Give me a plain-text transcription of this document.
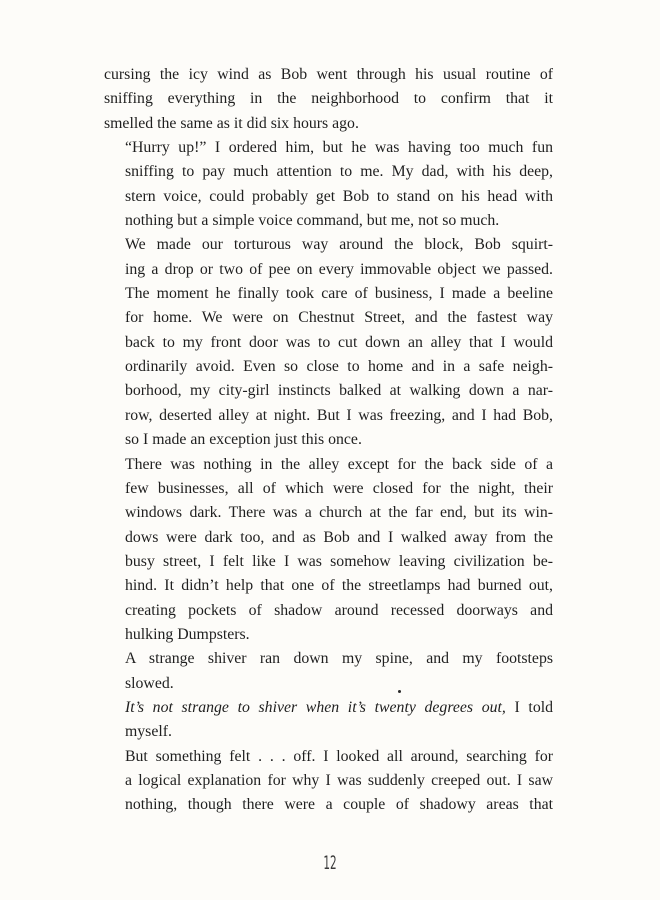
cursing the icy wind as Bob went through his usual routine of
sniffing everything in the neighborhood to confirm that it
smelled the same as it did six hours ago.

“Hurry up!” I ordered him, but he was having too much fun
sniffing to pay much attention to me. My dad, with his deep,
stern voice, could probably get Bob to stand on his head with
nothing but a simple voice command, but me, not so much.

We made our torturous way around the block, Bob squirt-
ing a drop or two of pee on every immovable object we passed.
The moment he finally took care of business, I made a beeline
for home. We were on Chestnut Street, and the fastest way
back to my front door was to cut down an alley that I would
ordinarily avoid. Even so close to home and in a safe neigh-
borhood, my city-girl instincts balked at walking down a nar-
row, deserted alley at night. But I was freezing, and I had Bob,
so I made an exception just this once.

There was nothing in the alley except for the back side of a
few businesses, all of which were closed for the night, their
windows dark. There was a church at the far end, but its win-
dows were dark too, and as Bob and I walked away from the
busy street, I felt like I was somehow leaving civilization be-
hind. It didn’t help that one of the streetlamps had burned out,
creating pockets of shadow around recessed doorways and
hulking Dumpsters.

A strange shiver ran down my spine, and my footsteps
slowed.

It’s not strange to shiver when it’s twenty degrees out, I told
myself.

But something felt . . . off. I looked all around, searching for
a logical explanation for why I was suddenly creeped out. I saw
nothing, though there were a couple of shadowy areas that

12
